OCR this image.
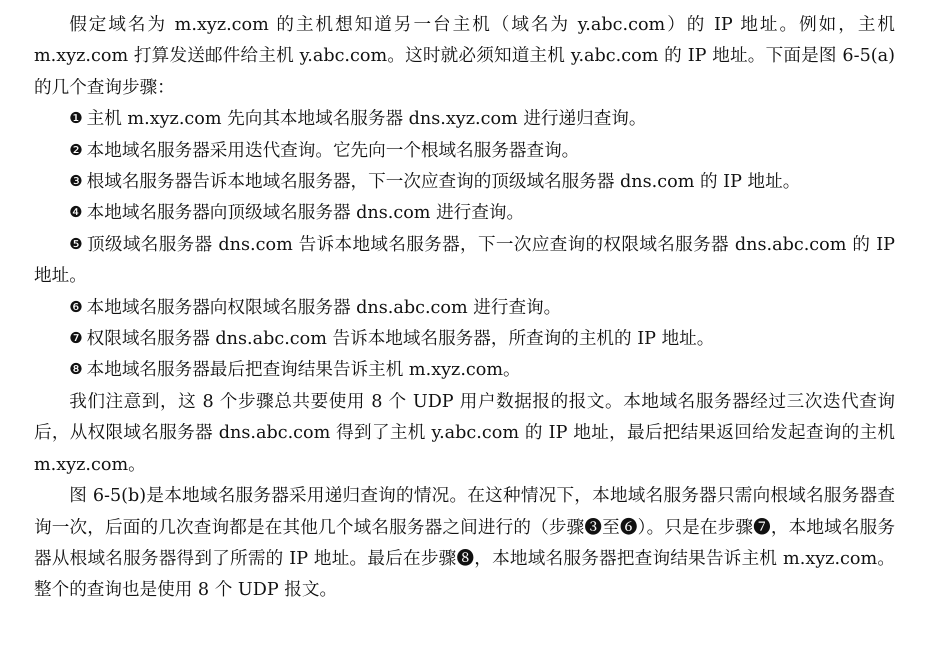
假定域名为 m.xyz.com 的主机想知道另一台主机（域名为 y.abc.com）的 IP 地址。例如，主机 m.xyz.com 打算发送邮件给主机 y.abc.com。这时就必须知道主机 y.abc.com 的 IP 地址。下面是图 6-5(a)的几个查询步骤：

❶ 主机 m.xyz.com 先向其本地域名服务器 dns.xyz.com 进行递归查询。

❷ 本地域名服务器采用迭代查询。它先向一个根域名服务器查询。

❸ 根域名服务器告诉本地域名服务器，下一次应查询的顶级域名服务器 dns.com 的 IP 地址。

❹ 本地域名服务器向顶级域名服务器 dns.com 进行查询。

❺ 顶级域名服务器 dns.com 告诉本地域名服务器，下一次应查询的权限域名服务器 dns.abc.com 的 IP 地址。

❻ 本地域名服务器向权限域名服务器 dns.abc.com 进行查询。

❼ 权限域名服务器 dns.abc.com 告诉本地域名服务器，所查询的主机的 IP 地址。

❽ 本地域名服务器最后把查询结果告诉主机 m.xyz.com。

我们注意到，这 8 个步骤总共要使用 8 个 UDP 用户数据报的报文。本地域名服务器经过三次迭代查询后，从权限域名服务器 dns.abc.com 得到了主机 y.abc.com 的 IP 地址，最后把结果返回给发起查询的主机 m.xyz.com。

图 6-5(b)是本地域名服务器采用递归查询的情况。在这种情况下，本地域名服务器只需向根域名服务器查询一次，后面的几次查询都是在其他几个域名服务器之间进行的（步骤❸至❻）。只是在步骤❼，本地域名服务器从根域名服务器得到了所需的 IP 地址。最后在步骤❽，本地域名服务器把查询结果告诉主机 m.xyz.com。整个的查询也是使用 8 个 UDP 报文。
